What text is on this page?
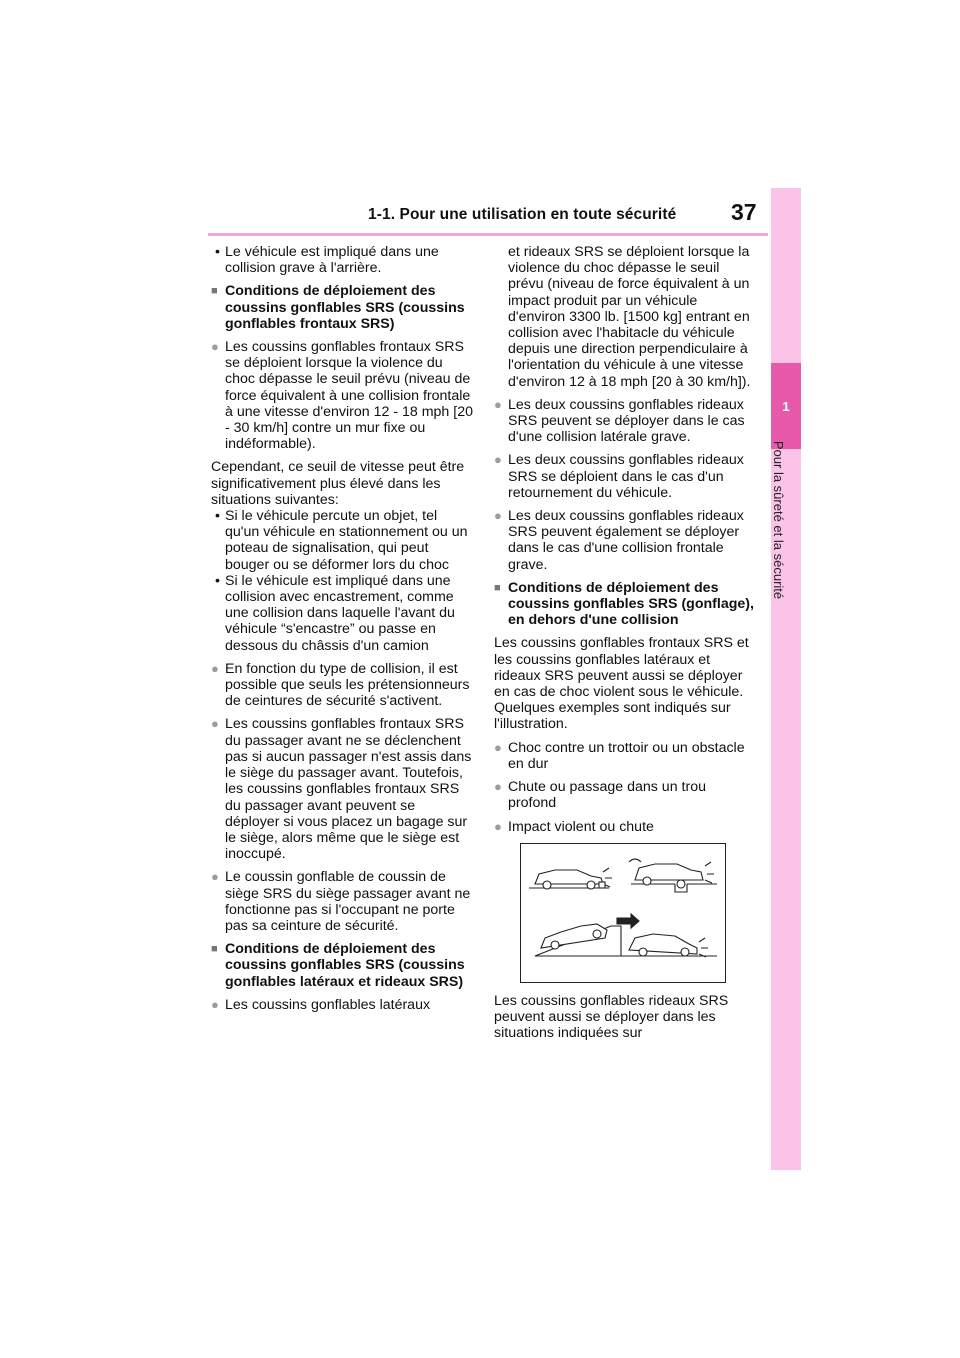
1-1. Pour une utilisation en toute sécurité 37
1
Pour la sûreté et la sécurité
• Le véhicule est impliqué dans une collision grave à l'arrière.
■ Conditions de déploiement des coussins gonflables SRS (coussins gonflables frontaux SRS)
● Les coussins gonflables frontaux SRS se déploient lorsque la violence du choc dépasse le seuil prévu (niveau de force équivalent à une collision frontale à une vitesse d'environ 12 - 18 mph [20 - 30 km/h] contre un mur fixe ou indéformable).

Cependant, ce seuil de vitesse peut être significativement plus élevé dans les situations suivantes:

• Si le véhicule percute un objet, tel qu'un véhicule en stationnement ou un poteau de signalisation, qui peut bouger ou se déformer lors du choc
• Si le véhicule est impliqué dans une collision avec encastrement, comme une collision dans laquelle l'avant du véhicule “s'encastre” ou passe en dessous du châssis d'un camion
● En fonction du type de collision, il est possible que seuls les prétensionneurs de ceintures de sécurité s'activent.
● Les coussins gonflables frontaux SRS du passager avant ne se déclenchent pas si aucun passager n'est assis dans le siège du passager avant. Toutefois, les coussins gonflables frontaux SRS du passager avant peuvent se déployer si vous placez un bagage sur le siège, alors même que le siège est inoccupé.
● Le coussin gonflable de coussin de siège SRS du siège passager avant ne fonctionne pas si l'occupant ne porte pas sa ceinture de sécurité.
■ Conditions de déploiement des coussins gonflables SRS (coussins gonflables latéraux et rideaux SRS)
● Les coussins gonflables latéraux

et rideaux SRS se déploient lorsque la violence du choc dépasse le seuil prévu (niveau de force équivalent à un impact produit par un véhicule d'environ 3300 lb. [1500 kg] entrant en collision avec l'habitacle du véhicule depuis une direction perpendiculaire à l'orientation du véhicule à une vitesse d'environ 12 à 18 mph [20 à 30 km/h]).

● Les deux coussins gonflables rideaux SRS peuvent se déployer dans le cas d'une collision latérale grave.
● Les deux coussins gonflables rideaux SRS se déploient dans le cas d'un retournement du véhicule.
● Les deux coussins gonflables rideaux SRS peuvent également se déployer dans le cas d'une collision frontale grave.
■ Conditions de déploiement des coussins gonflables SRS (gonflage), en dehors d'une collision

Les coussins gonflables frontaux SRS et les coussins gonflables latéraux et rideaux SRS peuvent aussi se déployer en cas de choc violent sous le véhicule. Quelques exemples sont indiqués sur l'illustration.

● Choc contre un trottoir ou un obstacle en dur
● Chute ou passage dans un trou profond
● Impact violent ou chute

Les coussins gonflables rideaux SRS peuvent aussi se déployer dans les situations indiquées sur
